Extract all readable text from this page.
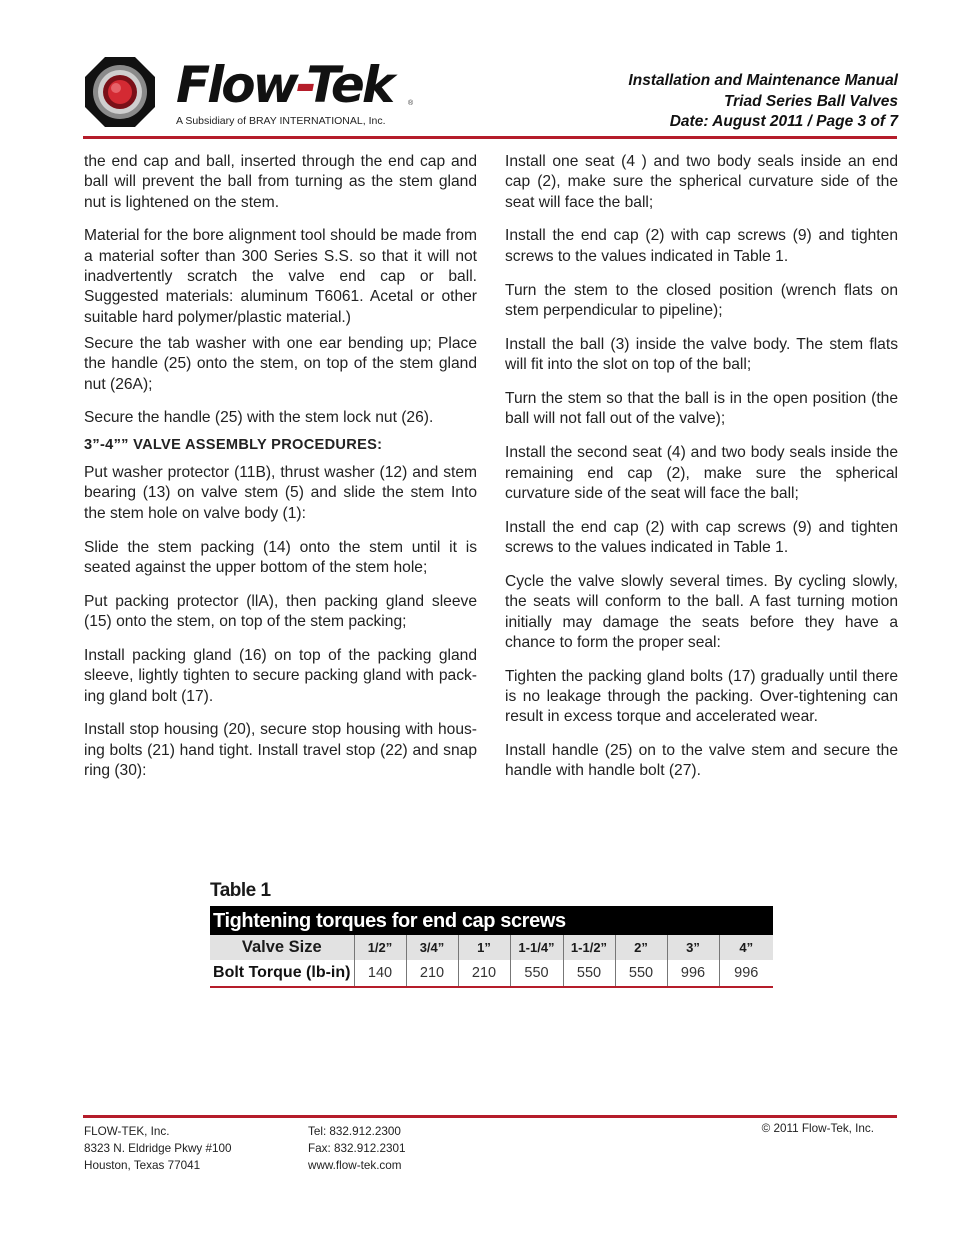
Flow-Tek ®
A Subsidiary of BRAY INTERNATIONAL, Inc.
Installation and Maintenance Manual
Triad Series Ball Valves
Date: August 2011 / Page 3 of 7

the end cap and ball, inserted through the end cap and ball will prevent the ball from turning as the stem gland nut is lightened on the stem.

Material for the bore alignment tool should be made from a material softer than 300 Series S.S. so that it will not inadvertently scratch the valve end cap or ball. Suggested materials: aluminum T6061. Acetal or other suitable hard polymer/plastic material.)

Secure the tab washer with one ear bending up; Place the handle (25) onto the stem, on top of the stem gland nut (26A);

Secure the handle (25) with the stem lock nut (26).

3”-4”” VALVE ASSEMBLY PROCEDURES:

Put washer protector (11B), thrust washer (12) and stem bearing (13) on valve stem (5) and slide the stem Into the stem hole on valve body (1):

Slide the stem packing (14) onto the stem until it is seated against the upper bottom of the stem hole;

Put packing protector (llA), then packing gland sleeve (15) onto the stem, on top of the stem packing;

Install packing gland (16) on top of the packing gland sleeve, lightly tighten to secure packing gland with pack-ing gland bolt (17).

Install stop housing (20), secure stop housing with hous-ing bolts (21) hand tight. Install travel stop (22) and snap ring (30):

Install one seat (4 ) and two body seals inside an end cap (2), make sure the spherical curvature side of the seat will face the ball;

Install the end cap (2) with cap screws (9) and tighten screws to the values indicated in Table 1.

Turn the stem to the closed position (wrench flats on stem perpendicular to pipeline);

Install the ball (3) inside the valve body. The stem flats will fit into the slot on top of the ball;

Turn the stem so that the ball is in the open position (the ball will not fall out of the valve);

Install the second seat (4) and two body seals inside the remaining end cap (2), make sure the spherical curvature side of the seat will face the ball;

Install the end cap (2) with cap screws (9) and tighten screws to the values indicated in Table 1.

Cycle the valve slowly several times. By cycling slowly, the seats will conform to the ball. A fast turning motion initially may damage the seats before they have a chance to form the proper seal:

Tighten the packing gland bolts (17) gradually until there is no leakage through the packing. Over-tightening can result in excess torque and accelerated wear.

Install handle (25) on to the valve stem and secure the handle with handle bolt (27).

Table 1
Tightening torques for end cap screws
Valve Size	1/2”	3/4”	1”	1-1/4”	1-1/2”	2”	3”	4”
Bolt Torque (lb-in)	140	210	210	550	550	550	996	996
FLOW-TEK, Inc.
8323 N. Eldridge Pkwy #100
Houston, Texas 77041
Tel: 832.912.2300
Fax: 832.912.2301
www.flow-tek.com
© 2011 Flow-Tek, Inc.
